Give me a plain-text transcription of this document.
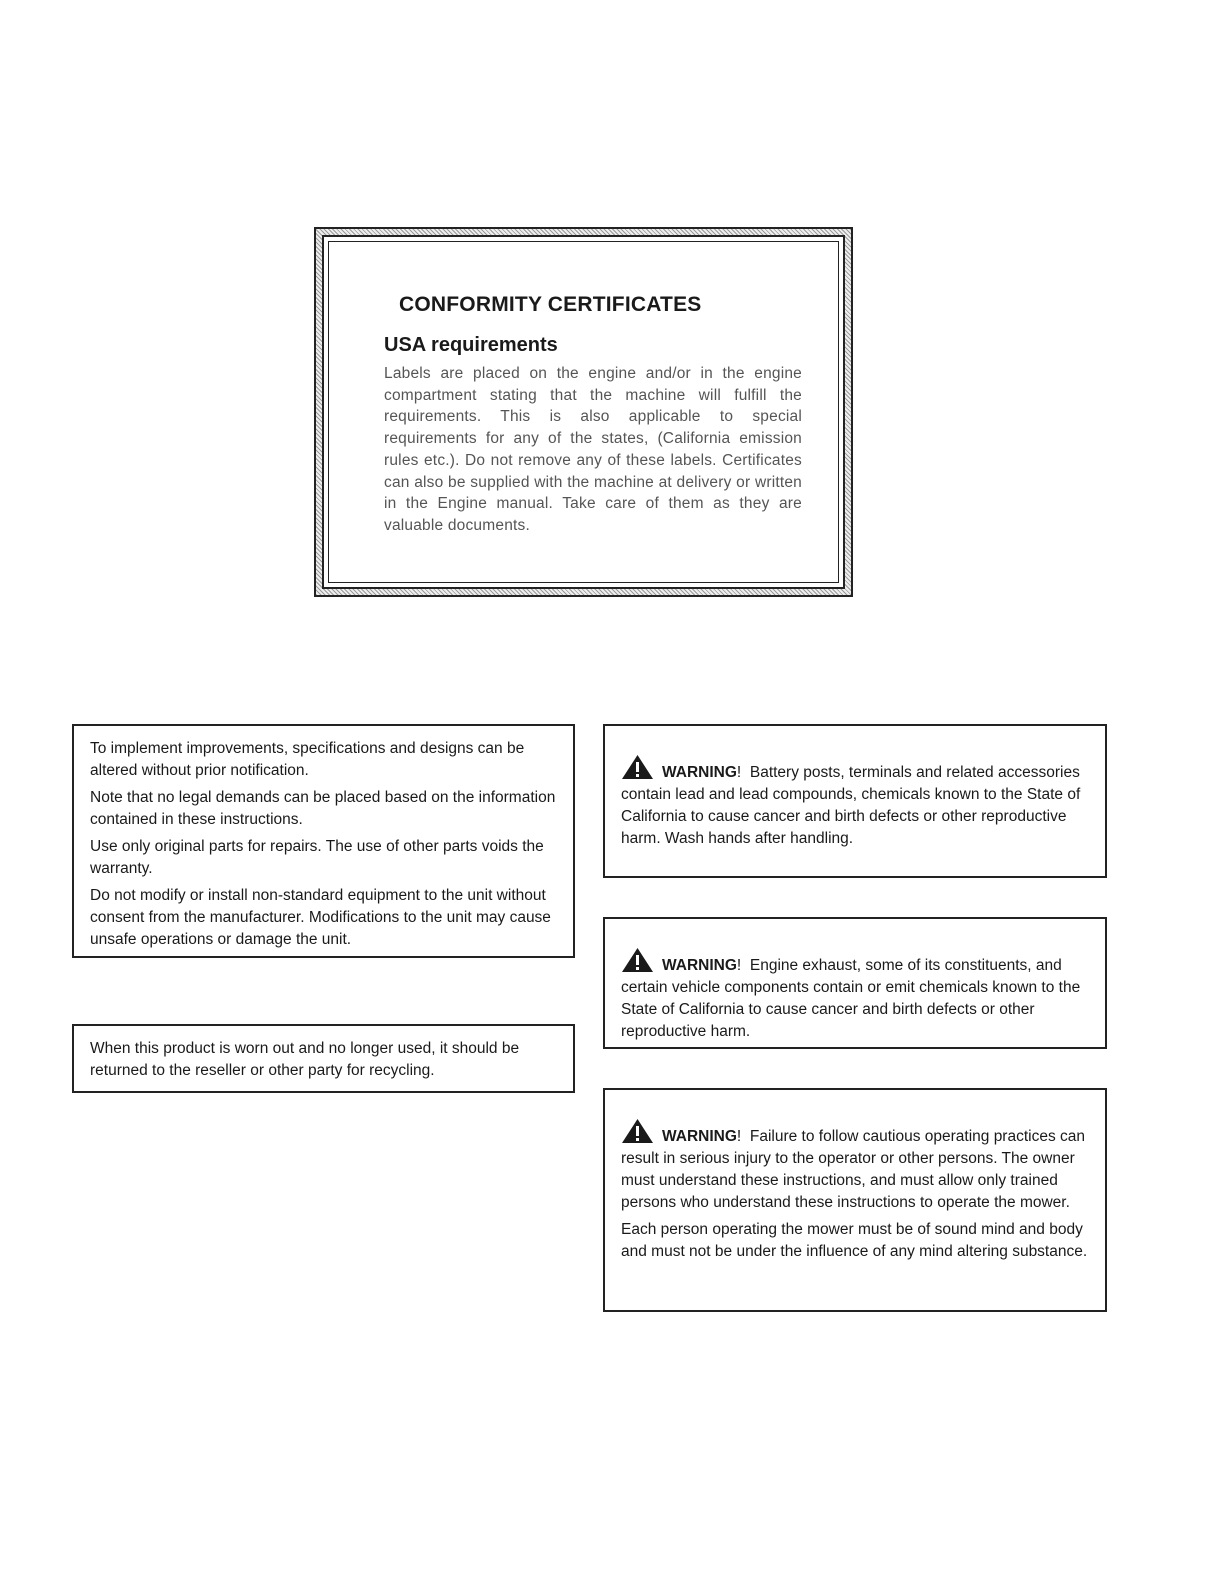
CONFORMITY CERTIFICATES
USA requirements

Labels are placed on the engine and/or in the engine compartment stating that the machine will fulfill the requirements. This is also applicable to special requirements for any of the states, (California emission rules etc.). Do not remove any of these labels. Certificates can also be supplied with the machine at delivery or written in the Engine manual. Take care of them as they are valuable documents.

To implement improvements, specifications and designs can be altered without prior notification.

Note that no legal demands can be placed based on the information contained in these instructions.

Use only original parts for repairs. The use of other parts voids the warranty.

Do not modify or install non-standard equipment to the unit without consent from the manufacturer. Modifications to the unit may cause unsafe operations or damage the unit.

When this product is worn out and no longer used, it should be returned to the reseller or other party for recycling.

WARNING! Battery posts, terminals and related accessories contain lead and lead compounds, chemicals known to the State of California to cause cancer and birth defects or other reproductive harm. Wash hands after handling.

WARNING! Engine exhaust, some of its constituents, and certain vehicle components contain or emit chemicals known to the State of California to cause cancer and birth defects or other reproductive harm.

WARNING! Failure to follow cautious operating practices can result in serious injury to the operator or other persons. The owner must understand these instructions, and must allow only trained persons who understand these instructions to operate the mower.

Each person operating the mower must be of sound mind and body and must not be under the influence of any mind altering substance.
